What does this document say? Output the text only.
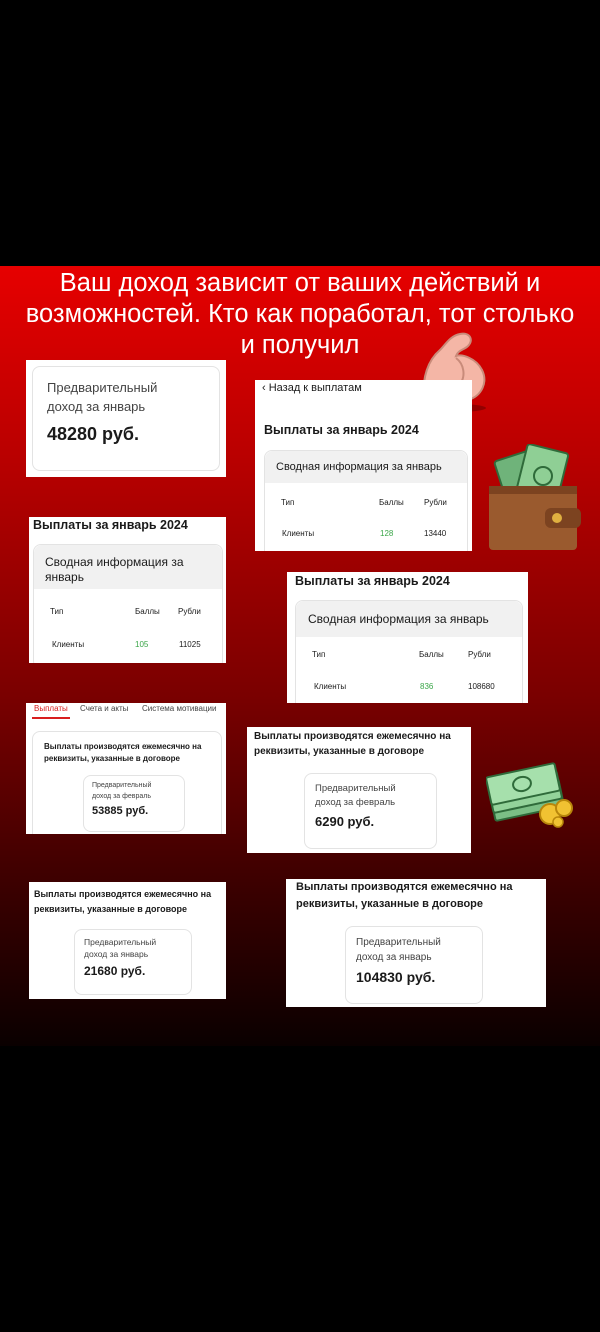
Ваш доход зависит от ваших действий и возможностей. Кто как поработал, тот столько и получил
Предварительный
доход за январь
48280 руб.
‹ Назад к выплатам
Выплаты за январь 2024
Сводная информация за январь
Тип	Баллы	Рубли
Клиенты	128	13440
Выплаты за январь 2024
Сводная информация за
январь
Тип	Баллы Рубли
Клиенты	105	11025
Выплаты за январь 2024
Сводная информация за январь
Тип	Баллы	Рубли
Клиенты	836	108680
Выплаты Счета и акты Система мотивации
Выплаты производятся ежемесячно на
реквизиты, указанные в договоре
Предварительный
доход за февраль
53885 руб.
Выплаты производятся ежемесячно на
реквизиты, указанные в договоре
Предварительный
доход за февраль
6290 руб.
Выплаты производятся ежемесячно на
реквизиты, указанные в договоре
Предварительный
доход за январь
21680 руб.
Выплаты производятся ежемесячно на
реквизиты, указанные в договоре
Предварительный
доход за январь
104830 руб.
